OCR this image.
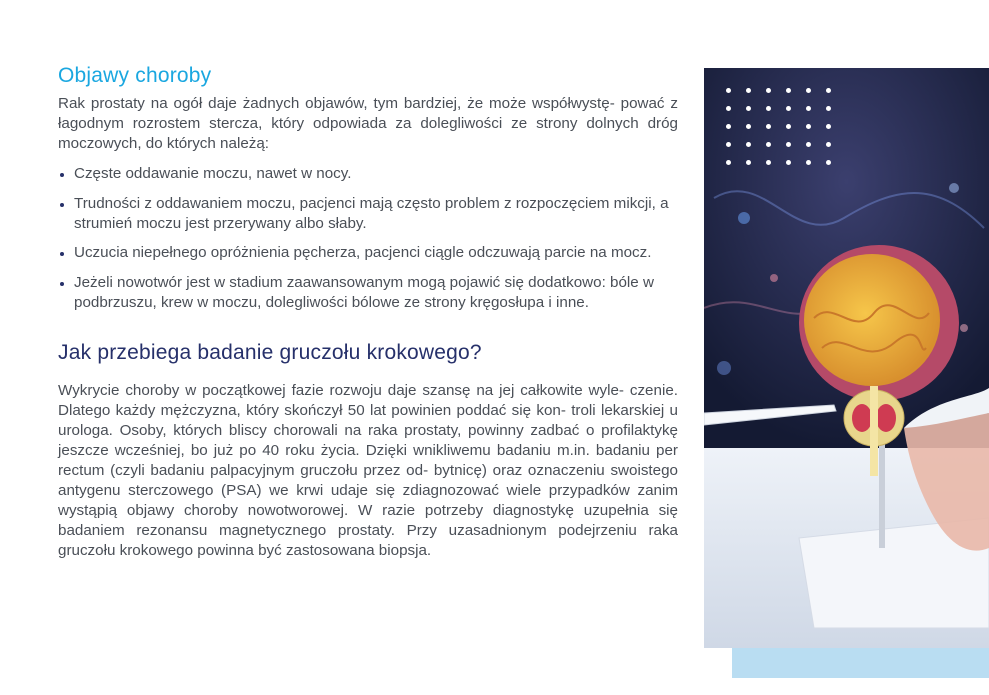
Objawy choroby

Rak prostaty na ogół daje żadnych objawów, tym bardziej, że może współwystę- pować z łagodnym rozrostem stercza, który odpowiada za dolegliwości ze strony dolnych dróg moczowych, do których należą:

Częste oddawanie moczu, nawet w nocy.
Trudności z oddawaniem moczu, pacjenci mają często problem z rozpoczęciem mikcji, a strumień moczu jest przerywany albo słaby.
Uczucia niepełnego opróżnienia pęcherza, pacjenci ciągle odczuwają parcie na mocz.
Jeżeli nowotwór jest w stadium zaawansowanym mogą pojawić się dodatkowo: bóle w podbrzuszu, krew w moczu, dolegliwości bólowe ze strony kręgosłupa i inne.
Jak przebiega badanie gruczołu krokowego?

Wykrycie choroby w początkowej fazie rozwoju daje szansę na jej całkowite wyle- czenie. Dlatego każdy mężczyzna, który skończył 50 lat powinien poddać się kon- troli lekarskiej u urologa. Osoby, których bliscy chorowali na raka prostaty, powinny zadbać o profilaktykę jeszcze wcześniej, bo już po 40 roku życia. Dzięki wnikliwemu badaniu m.in. badaniu per rectum (czyli badaniu palpacyjnym gruczołu przez od- bytnicę) oraz oznaczeniu swoistego antygenu sterczowego (PSA) we krwi udaje się zdiagnozować wiele przypadków zanim wystąpią objawy choroby nowotworowej. W razie potrzeby diagnostykę uzupełnia się badaniem rezonansu magnetycznego prostaty. Przy uzasadnionym podejrzeniu raka gruczołu krokowego powinna być zastosowana biopsja.
